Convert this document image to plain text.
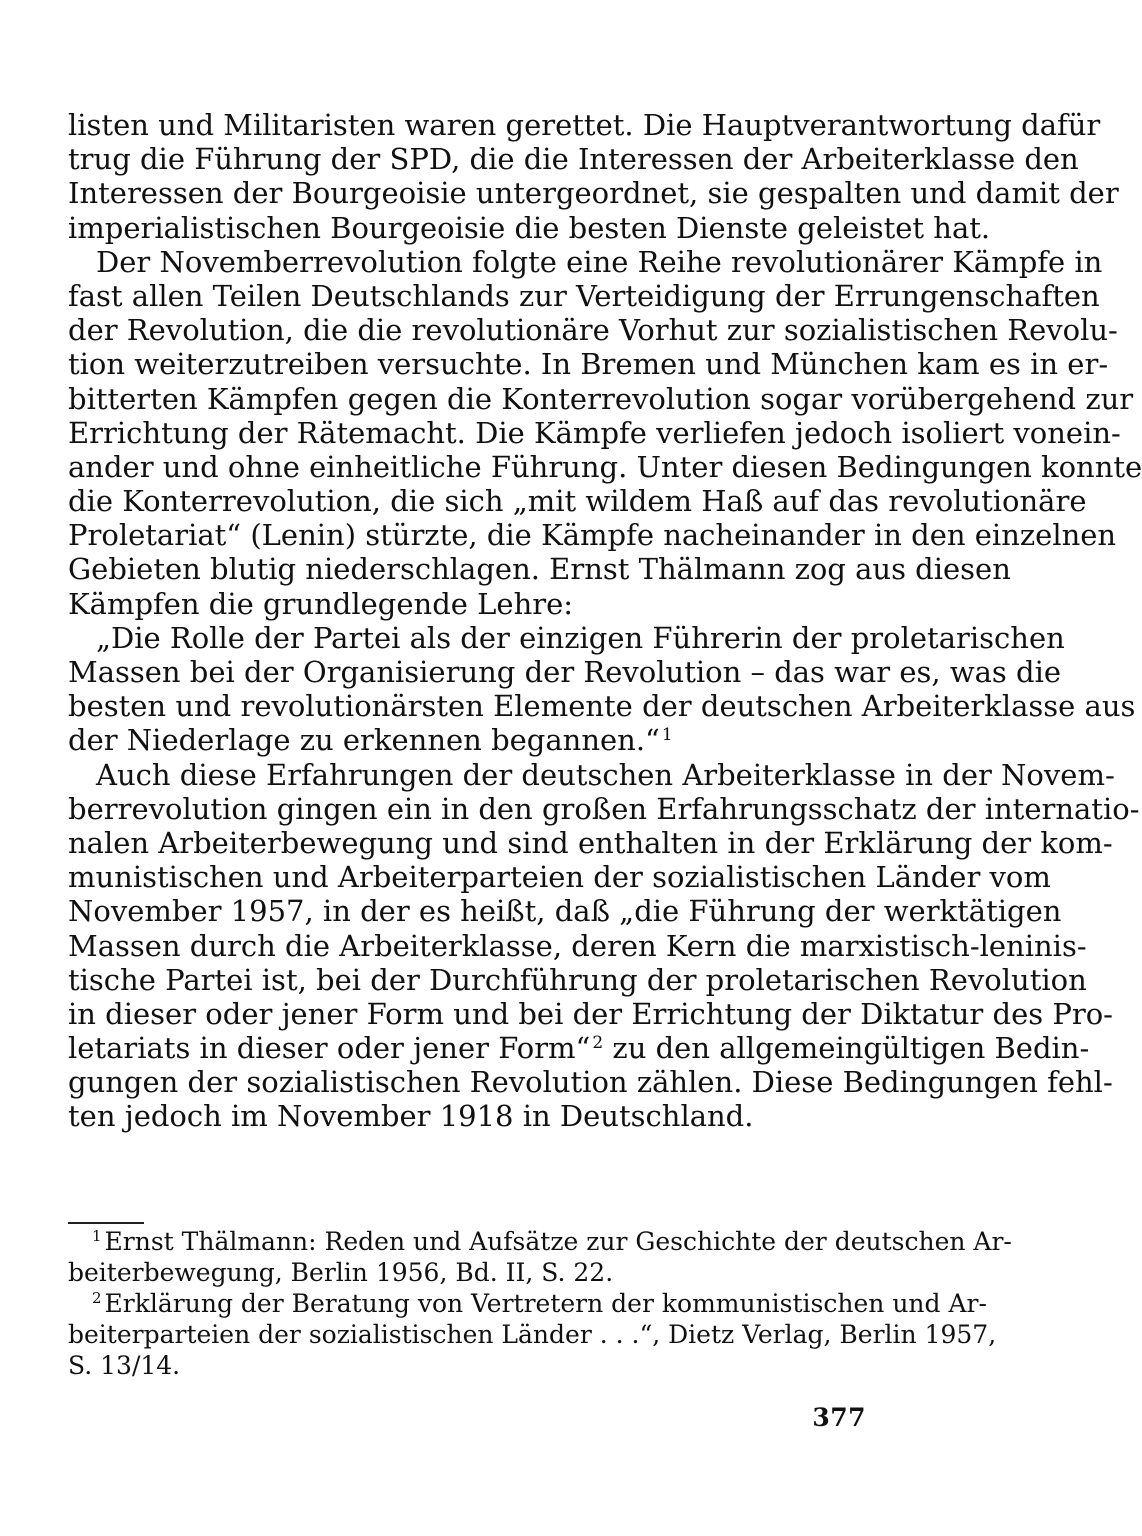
listen und Militaristen waren gerettet. Die Hauptverantwortung dafür
trug die Führung der SPD, die die Interessen der Arbeiterklasse den
Interessen der Bourgeoisie untergeordnet, sie gespalten und damit der
imperialistischen Bourgeoisie die besten Dienste geleistet hat.
Der Novemberrevolution folgte eine Reihe revolutionärer Kämpfe in
fast allen Teilen Deutschlands zur Verteidigung der Errungenschaften
der Revolution, die die revolutionäre Vorhut zur sozialistischen Revolu-
tion weiterzutreiben versuchte. In Bremen und München kam es in er-
bitterten Kämpfen gegen die Konterrevolution sogar vorübergehend zur
Errichtung der Rätemacht. Die Kämpfe verliefen jedoch isoliert vonein-
ander und ohne einheitliche Führung. Unter diesen Bedingungen konnte
die Konterrevolution, die sich „mit wildem Haß auf das revolutionäre
Proletariat“ (Lenin) stürzte, die Kämpfe nacheinander in den einzelnen
Gebieten blutig niederschlagen. Ernst Thälmann zog aus diesen
Kämpfen die grundlegende Lehre:
„Die Rolle der Partei als der einzigen Führerin der proletarischen
Massen bei der Organisierung der Revolution – das war es, was die
besten und revolutionärsten Elemente der deutschen Arbeiterklasse aus
der Niederlage zu erkennen begannen.“ $^1$
Auch diese Erfahrungen der deutschen Arbeiterklasse in der Novem-
berrevolution gingen ein in den großen Erfahrungsschatz der internatio-
nalen Arbeiterbewegung und sind enthalten in der Erklärung der kom-
munistischen und Arbeiterparteien der sozialistischen Länder vom
November 1957, in der es heißt, daß „die Führung der werktätigen
Massen durch die Arbeiterklasse, deren Kern die marxistisch-leninis-
tische Partei ist, bei der Durchführung der proletarischen Revolution
in dieser oder jener Form und bei der Errichtung der Diktatur des Pro-
letariats in dieser oder jener Form“ $^2$ zu den allgemeingültigen Bedin-
gungen der sozialistischen Revolution zählen. Diese Bedingungen fehl-
ten jedoch im November 1918 in Deutschland.
$^1$ Ernst Thälmann: Reden und Aufsätze zur Geschichte der deutschen Ar-
beiterbewegung, Berlin 1956, Bd. II, S. 22.
$^2$ Erklärung der Beratung von Vertretern der kommunistischen und Ar-
beiterparteien der sozialistischen Länder . . .“, Dietz Verlag, Berlin 1957,
S. 13/14.
377
